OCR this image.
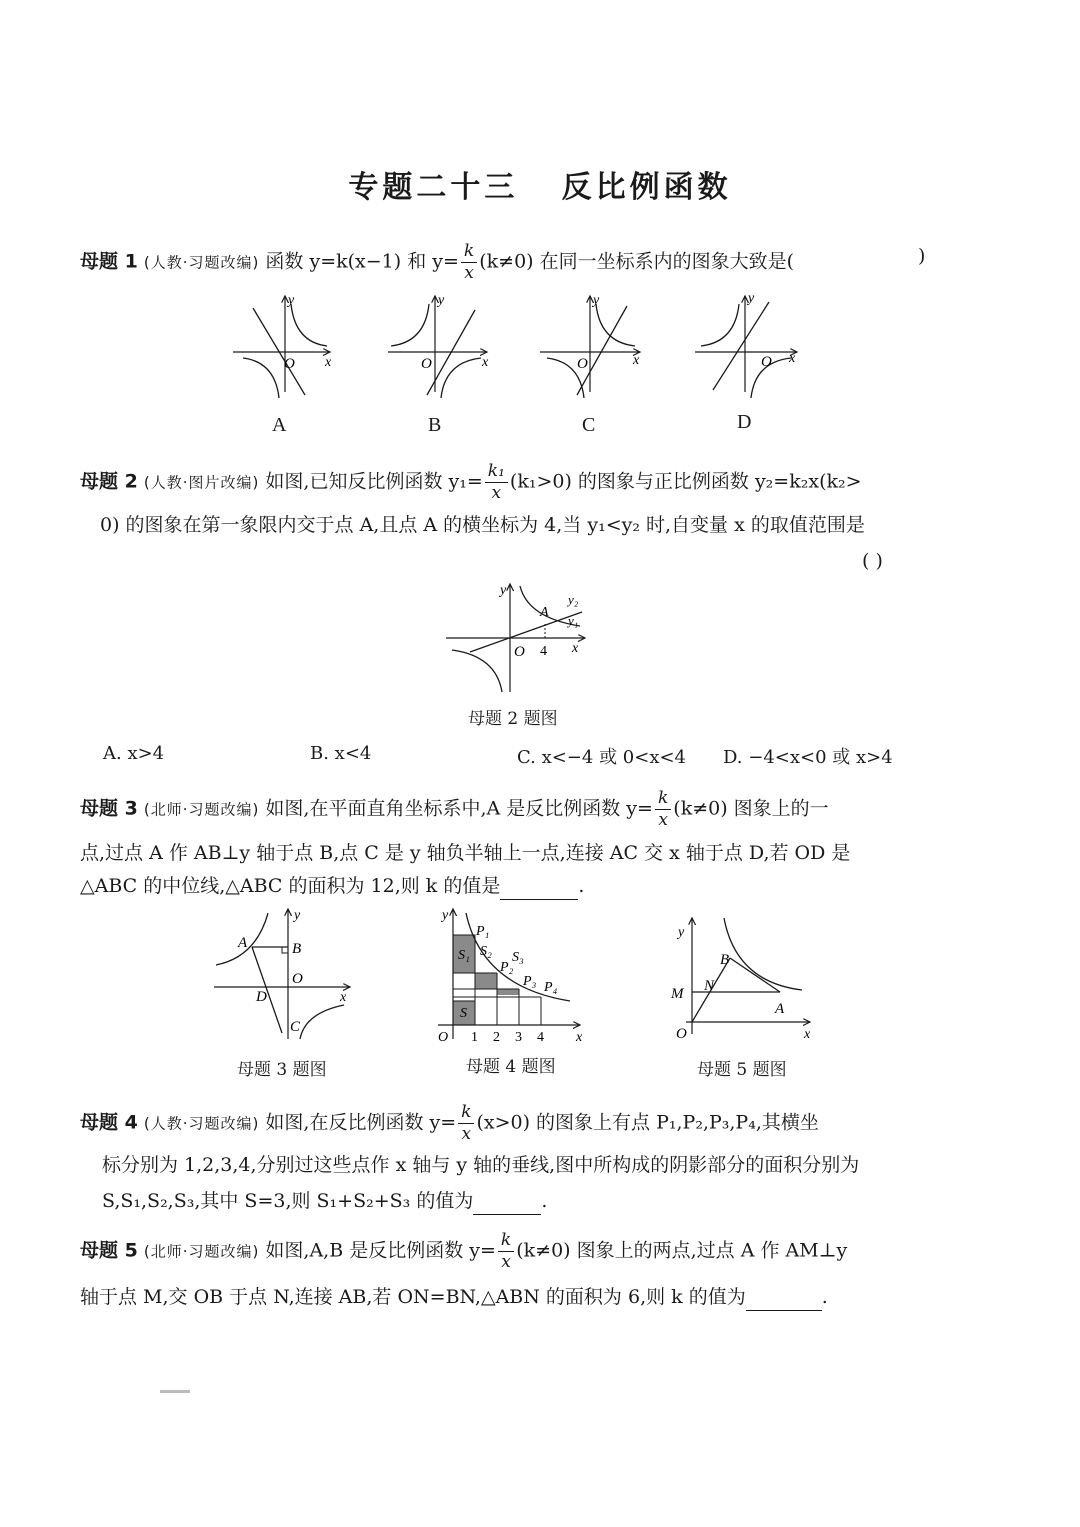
专题二十三   反比例函数
母题 1 (人教·习题改编) 函数 y=k(x−1) 和 $y= \frac{k}{x} (k\ne 0)$ 在同一坐标系内的图象大致是(	)
O x
y
O	x
y
O	x
y
O x
y
A	B	C	D
母题 2 (人教·图片改编) 如图,已知反比例函数 $y_1= \frac{\text{k₁}}{x} (k_1>0)$ 的图象与正比例函数 y₂=k₂x(k₂>
0) 的图象在第一象限内交于点 A,且点 A 的横坐标为 4,当 y₁<y₂ 时,自变量 x 的取值范围是
( )
y
O
A
4 x
y₂
y₁
母题 2 题图
A. x>4	B. x<4	C. x<−4 或 0<x<4 D. −4<x<0 或 x>4
母题 3 (北师·习题改编) 如图,在平面直角坐标系中,A 是反比例函数 $y= \frac{k}{x} (k\ne 0)$ 图象上的一
点,过点 A 作 AB⊥y 轴于点 B,点 C 是 y 轴负半轴上一点,连接 AC 交 x 轴于点 D,若 OD 是
△ABC 的中位线,△ABC 的面积为 12,则 k 的值是	.
A	B
O
D
C
x
y
母题 3 题图
y
P₁
S₁ S₂ S₃
P₂
P₃ P₄
S
O 1 2 3 4 x
母题 4 题图
y
B
N
M
A
O	x
母题 5 题图
母题 4 (人教·习题改编) 如图,在反比例函数 $y= \frac{k}{x} (x>0)$ 的图象上有点 P₁,P₂,P₃,P₄,其横坐
标分别为 1,2,3,4,分别过这些点作 x 轴与 y 轴的垂线,图中所构成的阴影部分的面积分别为
S,S₁,S₂,S₃,其中 S=3,则 S₁+S₂+S₃ 的值为	.
母题 5 (北师·习题改编) 如图,A,B 是反比例函数 $y= \frac{k}{x} (k\ne 0)$ 图象上的两点,过点 A 作 AM⊥y
轴于点 M,交 OB 于点 N,连接 AB,若 ON=BN,△ABN 的面积为 6,则 k 的值为	.
